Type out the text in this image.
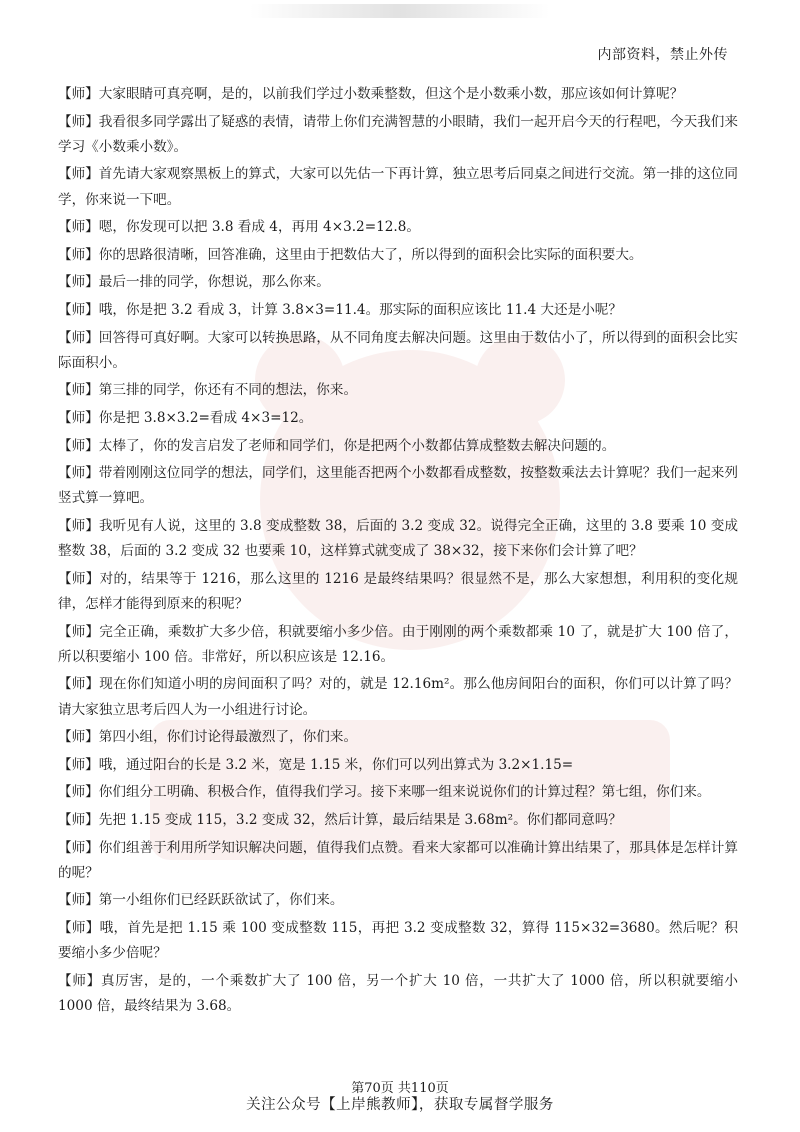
内部资料，禁止外传

【师】大家眼睛可真亮啊，是的，以前我们学过小数乘整数，但这个是小数乘小数，那应该如何计算呢？

【师】我看很多同学露出了疑惑的表情，请带上你们充满智慧的小眼睛，我们一起开启今天的行程吧，今天我们来学习《小数乘小数》。

【师】首先请大家观察黑板上的算式，大家可以先估一下再计算，独立思考后同桌之间进行交流。第一排的这位同学，你来说一下吧。

【师】嗯，你发现可以把 3.8 看成 4，再用 4×3.2=12.8。

【师】你的思路很清晰，回答准确，这里由于把数估大了，所以得到的面积会比实际的面积要大。

【师】最后一排的同学，你想说，那么你来。

【师】哦，你是把 3.2 看成 3，计算 3.8×3=11.4。那实际的面积应该比 11.4 大还是小呢？

【师】回答得可真好啊。大家可以转换思路，从不同角度去解决问题。这里由于数估小了，所以得到的面积会比实际面积小。

【师】第三排的同学，你还有不同的想法，你来。

【师】你是把 3.8×3.2=看成 4×3=12。

【师】太棒了，你的发言启发了老师和同学们，你是把两个小数都估算成整数去解决问题的。

【师】带着刚刚这位同学的想法，同学们，这里能否把两个小数都看成整数，按整数乘法去计算呢？我们一起来列竖式算一算吧。

【师】我听见有人说，这里的 3.8 变成整数 38，后面的 3.2 变成 32。说得完全正确，这里的 3.8 要乘 10 变成整数 38，后面的 3.2 变成 32 也要乘 10，这样算式就变成了 38×32，接下来你们会计算了吧？

【师】对的，结果等于 1216，那么这里的 1216 是最终结果吗？很显然不是，那么大家想想，利用积的变化规律，怎样才能得到原来的积呢？

【师】完全正确，乘数扩大多少倍，积就要缩小多少倍。由于刚刚的两个乘数都乘 10 了，就是扩大 100 倍了，所以积要缩小 100 倍。非常好，所以积应该是 12.16。

【师】现在你们知道小明的房间面积了吗？对的，就是 12.16m²。那么他房间阳台的面积，你们可以计算了吗？请大家独立思考后四人为一小组进行讨论。

【师】第四小组，你们讨论得最激烈了，你们来。

【师】哦，通过阳台的长是 3.2 米，宽是 1.15 米，你们可以列出算式为 3.2×1.15=

【师】你们组分工明确、积极合作，值得我们学习。接下来哪一组来说说你们的计算过程？第七组，你们来。

【师】先把 1.15 变成 115，3.2 变成 32，然后计算，最后结果是 3.68m²。你们都同意吗？

【师】你们组善于利用所学知识解决问题，值得我们点赞。看来大家都可以准确计算出结果了，那具体是怎样计算的呢？

【师】第一小组你们已经跃跃欲试了，你们来。

【师】哦，首先是把 1.15 乘 100 变成整数 115，再把 3.2 变成整数 32，算得 115×32=3680。然后呢？积要缩小多少倍呢？

【师】真厉害，是的，一个乘数扩大了 100 倍，另一个扩大 10 倍，一共扩大了 1000 倍，所以积就要缩小 1000 倍，最终结果为 3.68。

第70页 共110页
关注公众号【上岸熊教师】，获取专属督学服务
